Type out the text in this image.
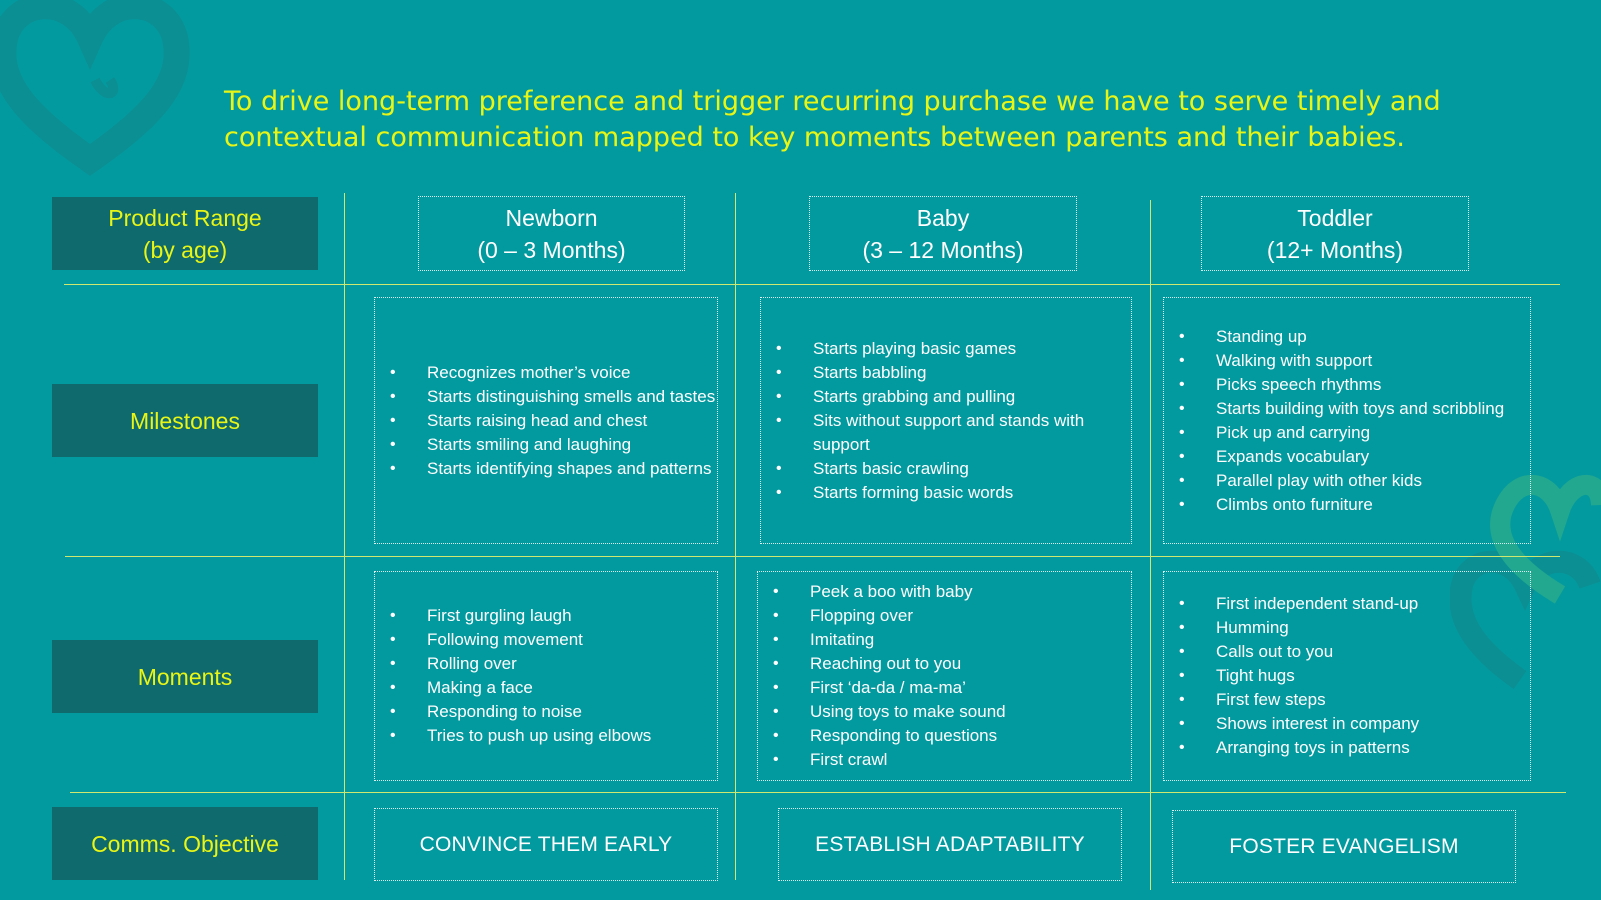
To drive long-term preference and trigger recurring purchase we have to serve timely and contextual communication mapped to key moments between parents and their babies.
Product Range
(by age)
Milestones
Moments
Comms. Objective
Newborn
(0 – 3 Months)
Baby
(3 – 12 Months)
Toddler
(12+ Months)
• Recognizes mother’s voice
• Starts distinguishing smells and tastes
• Starts raising head and chest
• Starts smiling and laughing
• Starts identifying shapes and patterns
• Starts playing basic games
• Starts babbling
• Starts grabbing and pulling
• Sits without support and stands with support
• Starts basic crawling
• Starts forming basic words
• Standing up
• Walking with support
• Picks speech rhythms
• Starts building with toys and scribbling
• Pick up and carrying
• Expands vocabulary
• Parallel play with other kids
• Climbs onto furniture
• First gurgling laugh
• Following movement
• Rolling over
• Making a face
• Responding to noise
• Tries to push up using elbows
• Peek a boo with baby
• Flopping over
• Imitating
• Reaching out to you
• First ‘da-da / ma-ma’
• Using toys to make sound
• Responding to questions
• First crawl
• First independent stand-up
• Humming
• Calls out to you
• Tight hugs
• First few steps
• Shows interest in company
• Arranging toys in patterns
CONVINCE THEM EARLY	ESTABLISH ADAPTABILITY	FOSTER EVANGELISM
